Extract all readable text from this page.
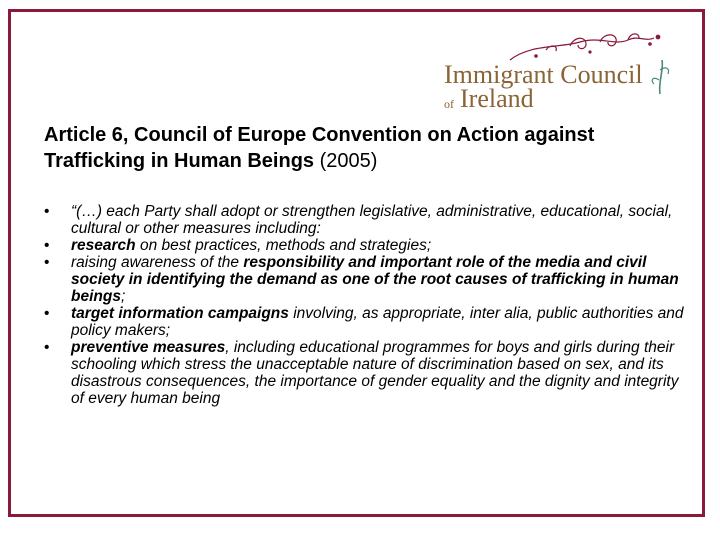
Immigrant Council
of Ireland
Article 6, Council of Europe Convention on Action against Trafficking in Human Beings (2005)
• “(…) each Party shall adopt or strengthen legislative, administrative, educational, social, cultural or other measures including:
• research on best practices, methods and strategies;
• raising awareness of the responsibility and important role of the media and civil society in identifying the demand as one of the root causes of trafficking in human beings;
• target information campaigns involving, as appropriate, inter alia, public authorities and policy makers;
• preventive measures, including educational programmes for boys and girls during their schooling which stress the unacceptable nature of discrimination based on sex, and its disastrous consequences, the importance of gender equality and the dignity and integrity of every human being
